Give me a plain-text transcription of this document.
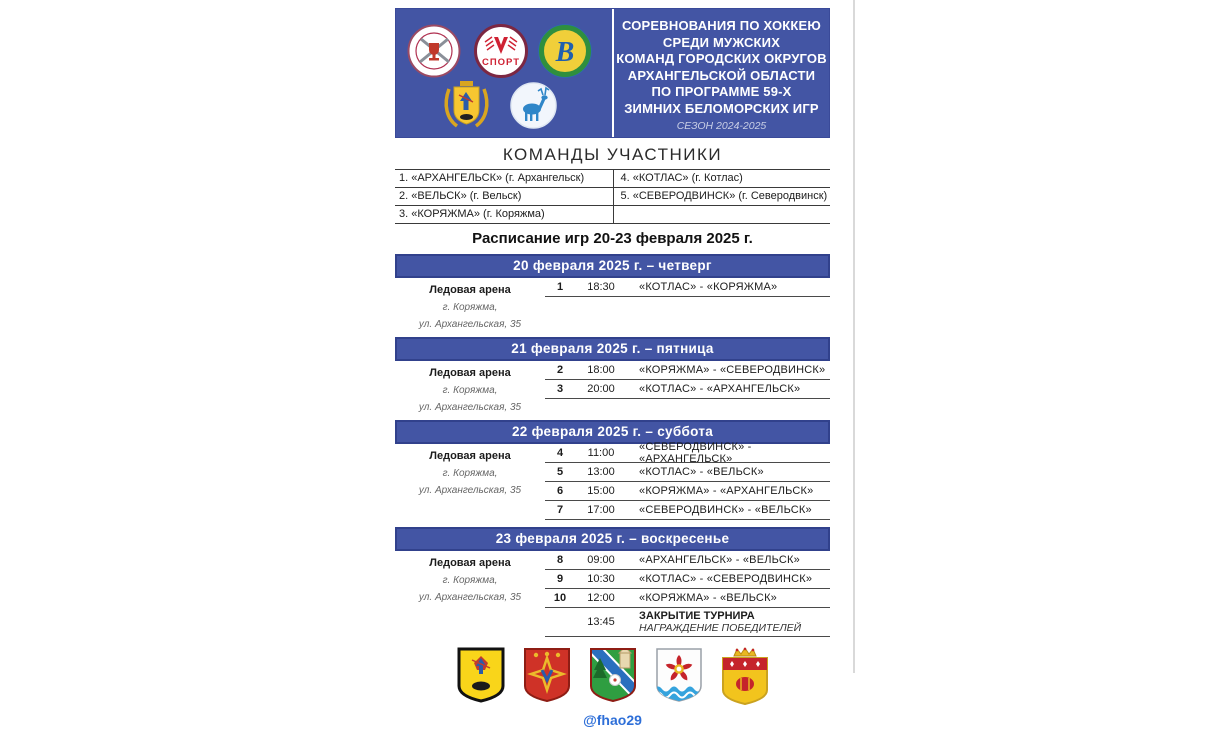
СПОРТ В
СОРЕВНОВАНИЯ ПО ХОККЕЮ
СРЕДИ МУЖСКИХ
КОМАНД ГОРОДСКИХ ОКРУГОВ
АРХАНГЕЛЬСКОЙ ОБЛАСТИ
ПО ПРОГРАММЕ 59-Х
ЗИМНИХ БЕЛОМОРСКИХ ИГР
СЕЗОН 2024-2025
КОМАНДЫ УЧАСТНИКИ
1. «АРХАНГЕЛЬСК» (г. Архангельск)	4. «КОТЛАС» (г. Котлас)
2. «ВЕЛЬСК» (г. Вельск)	5. «СЕВЕРОДВИНСК» (г. Северодвинск)
3. «КОРЯЖМА» (г. Коряжма)
Расписание игр 20-23 февраля 2025 г.
20 февраля 2025 г. – четверг
Ледовая арена
г. Коряжма,
ул. Архангельская, 35
1	18:30	«КОТЛАС» - «КОРЯЖМА»
21 февраля 2025 г. – пятница
Ледовая арена
г. Коряжма,
ул. Архангельская, 35
2	18:00	«КОРЯЖМА» - «СЕВЕРОДВИНСК»
3	20:00	«КОТЛАС» - «АРХАНГЕЛЬСК»
22 февраля 2025 г. – суббота
Ледовая арена
г. Коряжма,
ул. Архангельская, 35
4	11:00	«СЕВЕРОДВИНСК» - «АРХАНГЕЛЬСК»
5	13:00	«КОТЛАС» - «ВЕЛЬСК»
6	15:00	«КОРЯЖМА» - «АРХАНГЕЛЬСК»
7	17:00	«СЕВЕРОДВИНСК» - «ВЕЛЬСК»
23 февраля 2025 г. – воскресенье
Ледовая арена
г. Коряжма,
ул. Архангельская, 35
8	09:00	«АРХАНГЕЛЬСК» - «ВЕЛЬСК»
9	10:30	«КОТЛАС» - «СЕВЕРОДВИНСК»
10	12:00	«КОРЯЖМА» - «ВЕЛЬСК»
13:45	ЗАКРЫТИЕ ТУРНИРА
НАГРАЖДЕНИЕ ПОБЕДИТЕЛЕЙ
@fhao29
